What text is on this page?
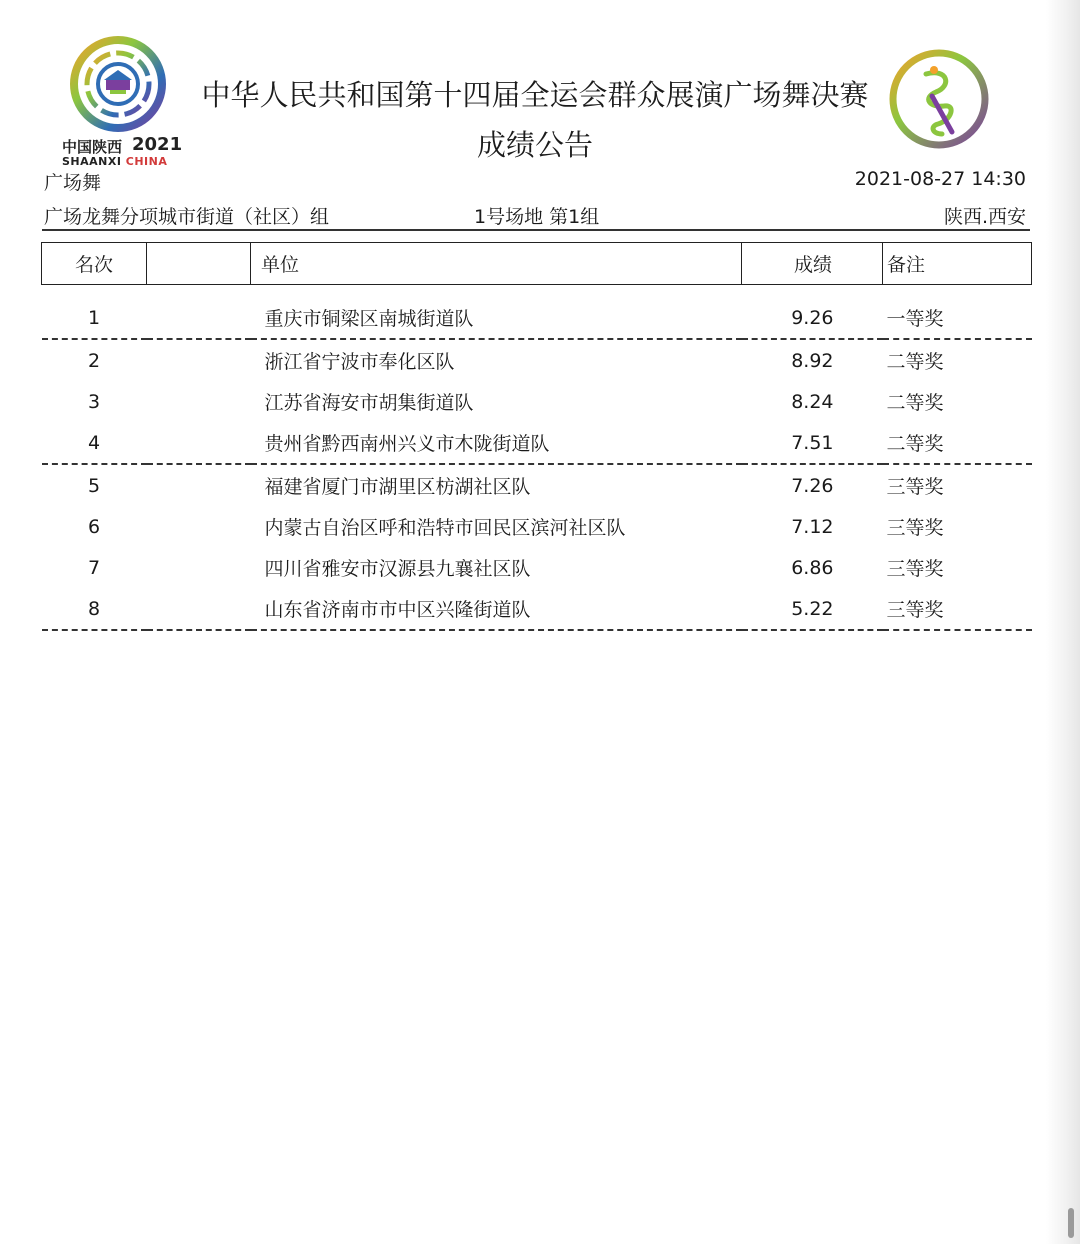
中国陕西 2021
SHAANXI CHINA
中华人民共和国第十四届全运会群众展演广场舞决赛
成绩公告
广场舞	2021-08-27 14:30
广场龙舞分项城市街道（社区）组	1号场地 第1组	陕西.西安
名次		单位	成绩	备注
1		重庆市铜梁区南城街道队	9.26	一等奖
2		浙江省宁波市奉化区队	8.92	二等奖
3		江苏省海安市胡集街道队	8.24	二等奖
4		贵州省黔西南州兴义市木陇街道队	7.51	二等奖
5		福建省厦门市湖里区枋湖社区队	7.26	三等奖
6		内蒙古自治区呼和浩特市回民区滨河社区队	7.12	三等奖
7		四川省雅安市汉源县九襄社区队	6.86	三等奖
8		山东省济南市市中区兴隆街道队	5.22	三等奖
